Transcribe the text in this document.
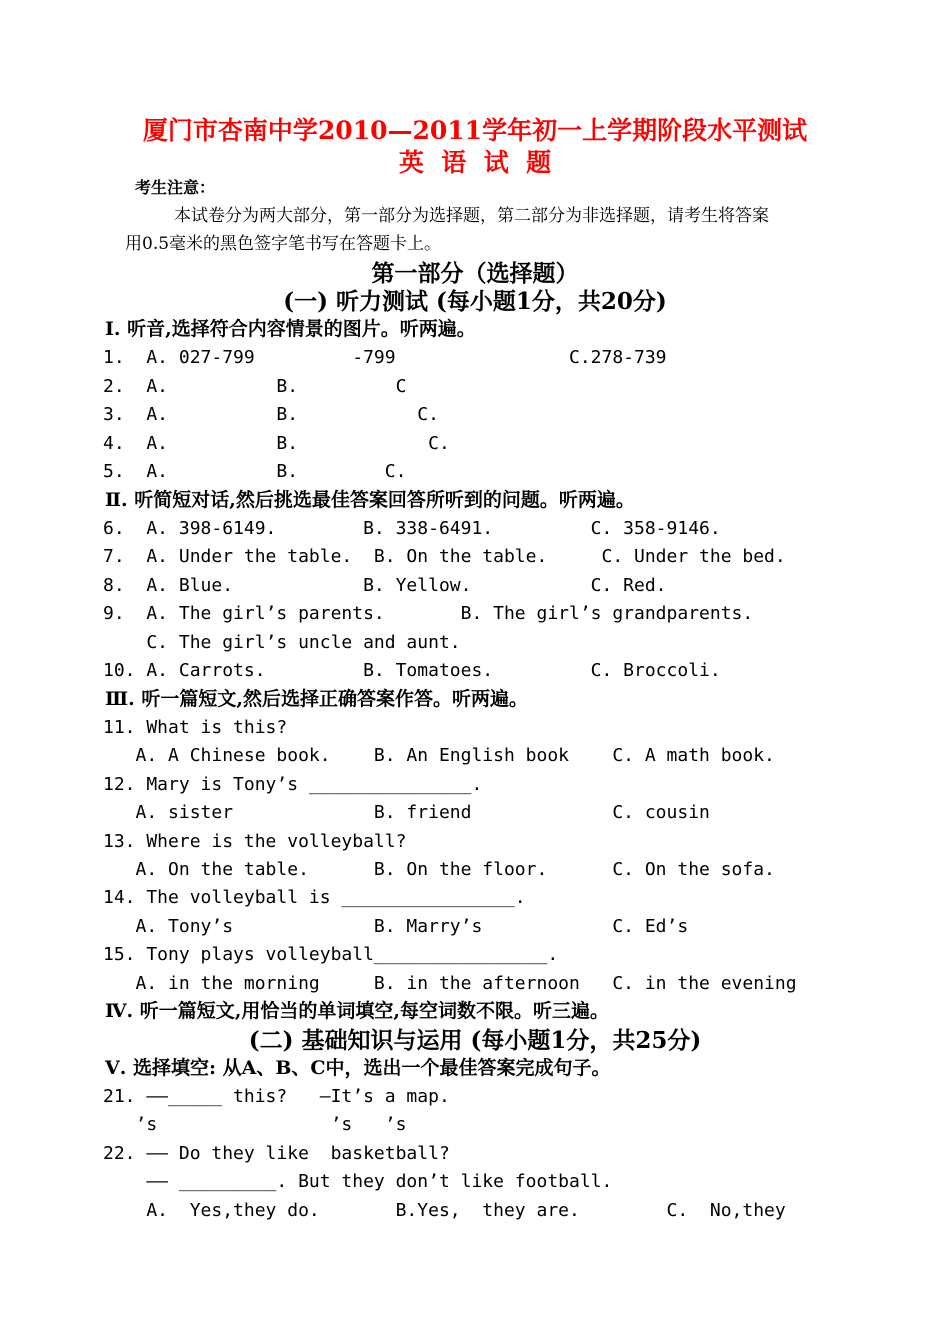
厦门市杏南中学2010—2011学年初一上学期阶段水平测试
英  语  试  题
考生注意：
本试卷分为两大部分，第一部分为选择题，第二部分为非选择题，请考生将答案
用0.5毫米的黑色签字笔书写在答题卡上。
第一部分（选择题）
(一) 听力测试 (每小题1分，共20分)
Ⅰ. 听音,选择符合内容情景的图片。听两遍。
1.  A. 027-799         -799                C.278-739
2.  A.          B.         C
3.  A.          B.           C.
4.  A.          B.            C.
5.  A.          B.        C.
Ⅱ. 听简短对话,然后挑选最佳答案回答所听到的问题。听两遍。
6.  A. 398-6149.        B. 338-6491.         C. 358-9146.
7.  A. Under the table.  B. On the table.     C. Under the bed.
8.  A. Blue.            B. Yellow.           C. Red.
9.  A. The girl’s parents.       B. The girl’s grandparents.
C. The girl’s uncle and aunt.
10. A. Carrots.         B. Tomatoes.         C. Broccoli.
Ⅲ. 听一篇短文,然后选择正确答案作答。听两遍。
11. What is this?
A. A Chinese book.    B. An English book    C. A math book.
12. Mary is Tony’s _______________.
A. sister             B. friend             C. cousin
13. Where is the volleyball?
A. On the table.      B. On the floor.      C. On the sofa.
14. The volleyball is ________________.
A. Tony’s             B. Marry’s            C. Ed’s
15. Tony plays volleyball________________.
A. in the morning     B. in the afternoon   C. in the evening
Ⅳ. 听一篇短文,用恰当的单词填空,每空词数不限。听三遍。
(二) 基础知识与运用 (每小题1分，共25分)
Ⅴ. 选择填空: 从A、B、C中，选出一个最佳答案完成句子。
21. ——_____ this?   —It’s a map.
’s                ’s   ’s
22. —— Do they like  basketball?
—— _________. But they don’t like football.
A.  Yes,they do.       B.Yes,  they are.        C.  No,they
